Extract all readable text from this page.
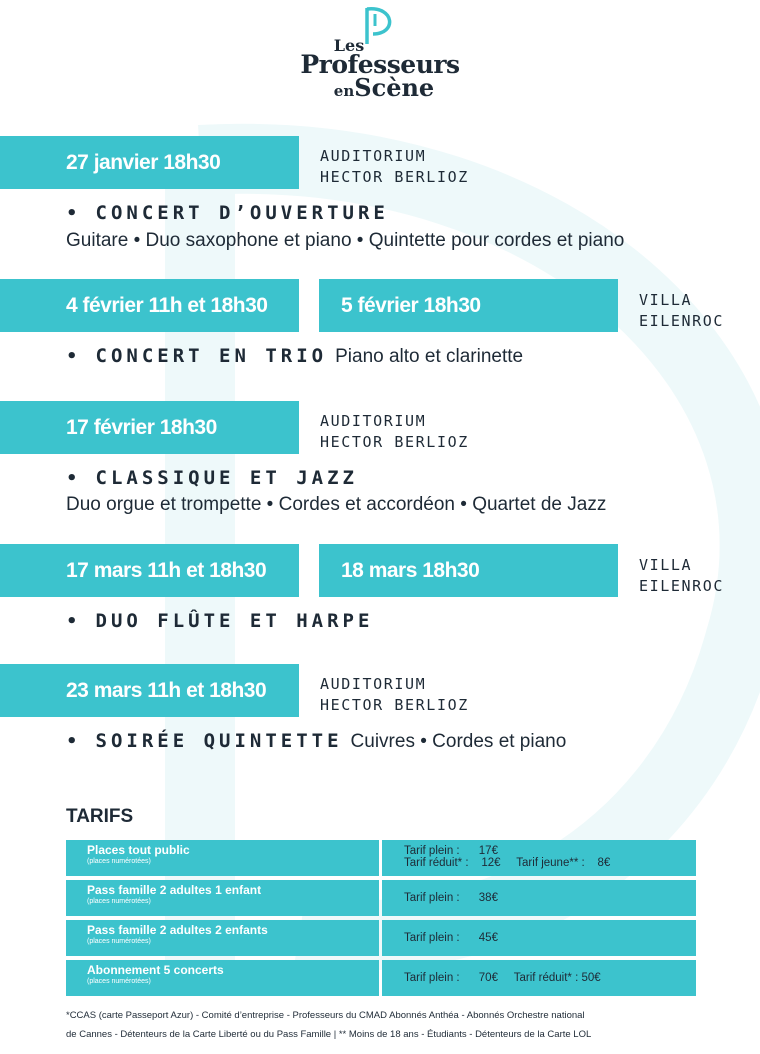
Les
Professeurs
enScène
27 janvier 18h30	AUDITORIUM
HECTOR BERLIOZ
• CONCERT D’OUVERTURE
Guitare • Duo saxophone et piano • Quintette pour cordes et piano
4 février 11h et 18h30	5 février 18h30	VILLA
EILENROC
• CONCERT EN TRIO Piano alto et clarinette
17 février 18h30	AUDITORIUM
HECTOR BERLIOZ
• CLASSIQUE ET JAZZ
Duo orgue et trompette • Cordes et accordéon • Quartet de Jazz
17 mars 11h et 18h30	18 mars 18h30	VILLA
EILENROC
• DUO FLÛTE ET HARPE
23 mars 11h et 18h30	AUDITORIUM
HECTOR BERLIOZ
• SOIRÉE QUINTETTE Cuivres • Cordes et piano
TARIFS
Places tout public
(places numérotées)
Tarif plein :      17€
Tarif réduit* :    12€     Tarif jeune** :    8€
Pass famille 2 adultes 1 enfant
(places numérotées)	Tarif plein :      38€
Pass famille 2 adultes 2 enfants
(places numérotées)	Tarif plein :      45€
Abonnement 5 concerts
(places numérotées)	Tarif plein :      70€     Tarif réduit* : 50€
*CCAS (carte Passeport Azur) - Comité d’entreprise - Professeurs du CMAD Abonnés Anthéa - Abonnés Orchestre national
de Cannes - Détenteurs de la Carte Liberté ou du Pass Famille | ** Moins de 18 ans - Étudiants - Détenteurs de la Carte LOL
